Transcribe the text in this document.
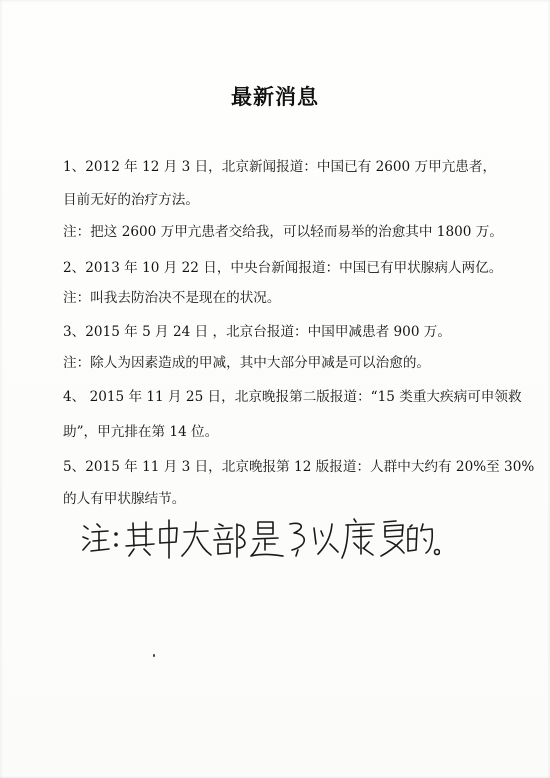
最新消息
1、2012 年 12 月 3 日，北京新闻报道：中国已有 2600 万甲亢患者，
目前无好的治疗方法。
注：把这 2600 万甲亢患者交给我，可以轻而易举的治愈其中 1800 万。
2、2013 年 10 月 22 日，中央台新闻报道：中国已有甲状腺病人两亿。
注：叫我去防治决不是现在的状况。
3、2015 年 5 月 24 日 ，北京台报道：中国甲减患者 900 万。
注：除人为因素造成的甲减，其中大部分甲减是可以治愈的。
4、 2015 年 11 月 25 日，北京晚报第二版报道：“15 类重大疾病可申领救
助”，甲亢排在第 14 位。
5、2015 年 11 月 3 日，北京晚报第 12 版报道：人群中大约有 20%至 30%
的人有甲状腺结节。
